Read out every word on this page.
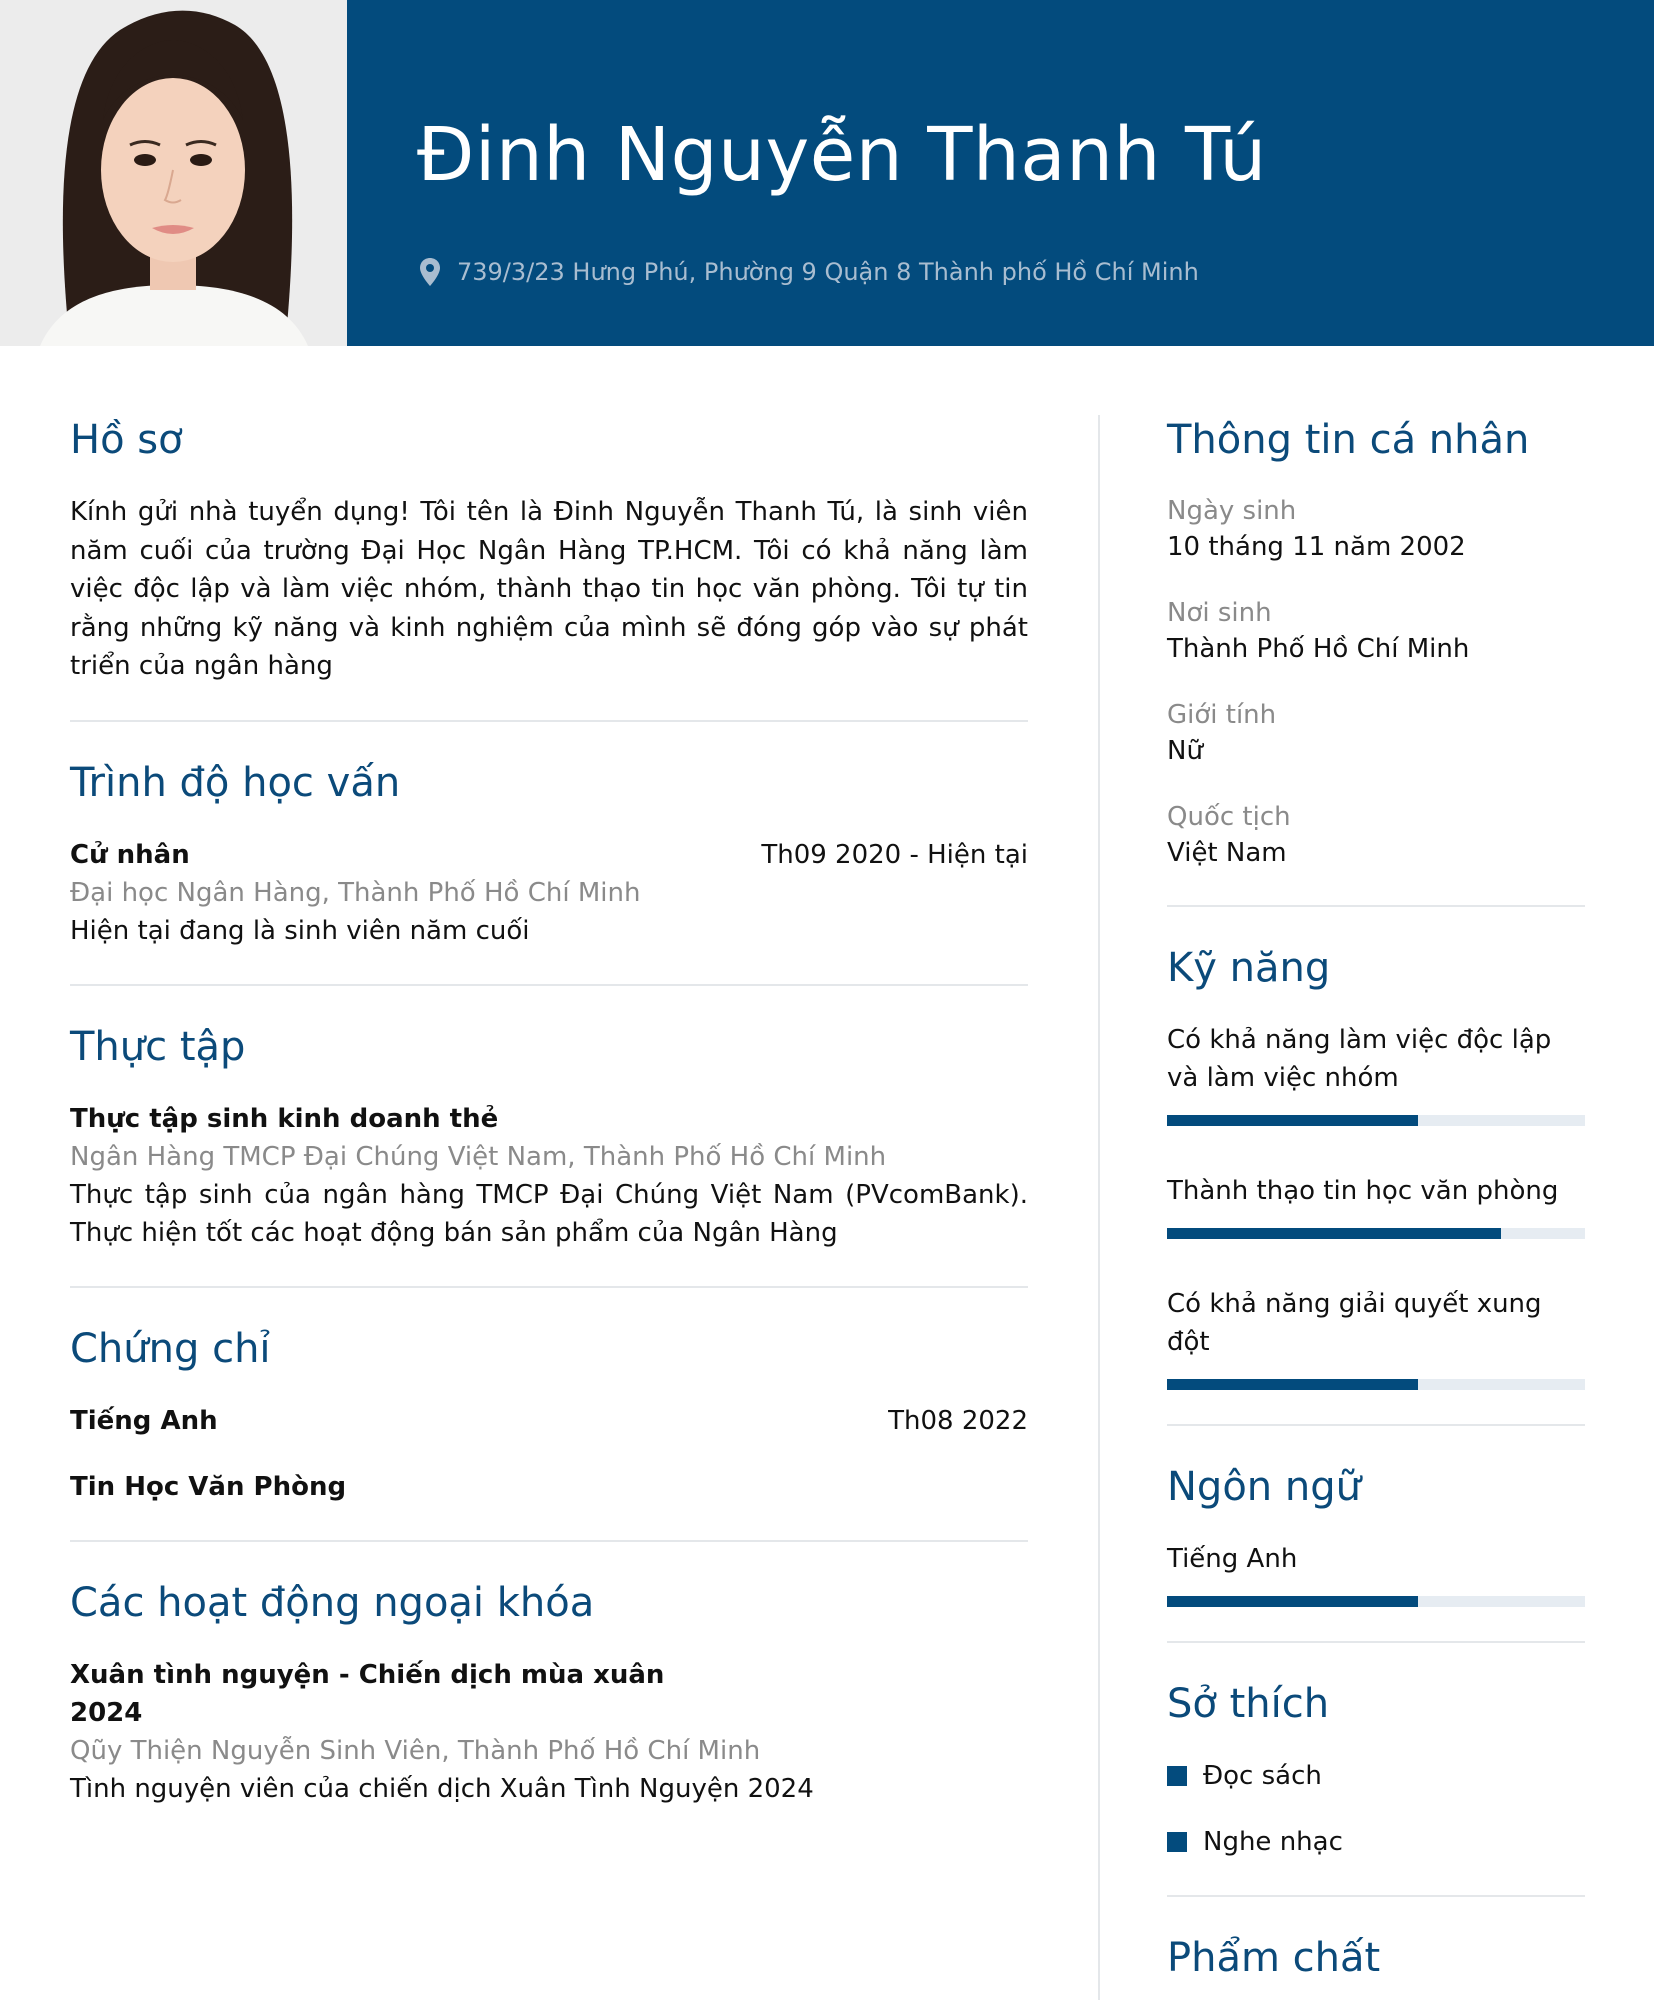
Đinh Nguyễn Thanh Tú
739/3/23 Hưng Phú, Phường 9 Quận 8 Thành phố Hồ Chí Minh
Hồ sơ

Kính gửi nhà tuyển dụng! Tôi tên là Đinh Nguyễn Thanh Tú, là sinh viên năm cuối của trường Đại Học Ngân Hàng TP.HCM. Tôi có khả năng làm việc độc lập và làm việc nhóm, thành thạo tin học văn phòng. Tôi tự tin rằng những kỹ năng và kinh nghiệm của mình sẽ đóng góp vào sự phát triển của ngân hàng

Trình độ học vấn
Cử nhân	Th09 2020 - Hiện tại
Đại học Ngân Hàng, Thành Phố Hồ Chí Minh
Hiện tại đang là sinh viên năm cuối
Thực tập
Thực tập sinh kinh doanh thẻ
Ngân Hàng TMCP Đại Chúng Việt Nam, Thành Phố Hồ Chí Minh
Thực tập sinh của ngân hàng TMCP Đại Chúng Việt Nam (PVcomBank). Thực hiện tốt các hoạt động bán sản phẩm của Ngân Hàng
Chứng chỉ
Tiếng Anh	Th08 2022
Tin Học Văn Phòng
Các hoạt động ngoại khóa
Xuân tình nguyện - Chiến dịch mùa xuân 2024
Qũy Thiện Nguyễn Sinh Viên, Thành Phố Hồ Chí Minh
Tình nguyện viên của chiến dịch Xuân Tình Nguyện 2024
Thông tin cá nhân
Ngày sinh
10 tháng 11 năm 2002
Nơi sinh
Thành Phố Hồ Chí Minh
Giới tính
Nữ
Quốc tịch
Việt Nam
Kỹ năng
Có khả năng làm việc độc lập và làm việc nhóm
Thành thạo tin học văn phòng
Có khả năng giải quyết xung đột
Ngôn ngữ
Tiếng Anh
Sở thích
Đọc sách
Nghe nhạc
Phẩm chất
